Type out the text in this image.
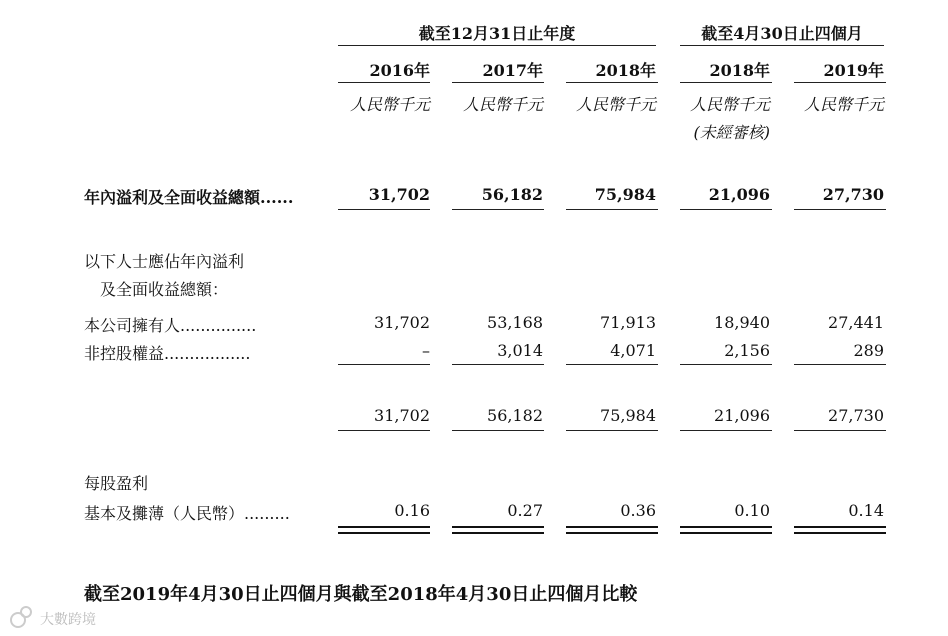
截至12月31日止年度	截至4月30日止四個月
2016年	2017年	2018年	2018年	2019年
人民幣千元	人民幣千元	人民幣千元	人民幣千元	人民幣千元
(未經審核)
年內溢利及全面收益總額......	31,702	56,182	75,984	21,096	27,730
以下人士應佔年內溢利
及全面收益總額：
本公司擁有人...............	31,702	53,168	71,913	18,940	27,441
非控股權益.................	–	3,014	4,071	2,156	289
31,702	56,182	75,984	21,096	27,730
每股盈利
基本及攤薄（人民幣）.........	0.16	0.27	0.36	0.10	0.14
截至2019年4月30日止四個月與截至2018年4月30日止四個月比較
大數跨境
